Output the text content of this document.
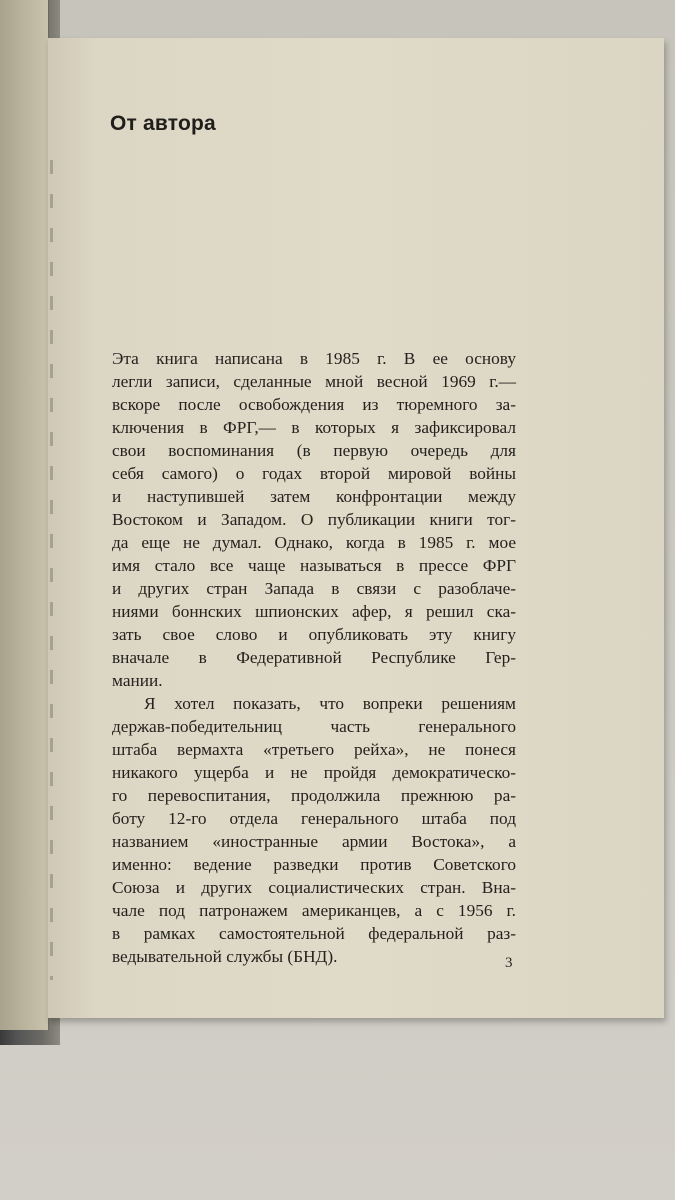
От автора
Эта книга написана в 1985 г. В ее основу
легли записи, сделанные мной весной 1969 г.—
вскоре после освобождения из тюремного за-
ключения в ФРГ,— в которых я зафиксировал
свои воспоминания (в первую очередь для
себя самого) о годах второй мировой войны
и наступившей затем конфронтации между
Востоком и Западом. О публикации книги тог-
да еще не думал. Однако, когда в 1985 г. мое
имя стало все чаще называться в прессе ФРГ
и других стран Запада в связи с разоблаче-
ниями боннских шпионских афер, я решил ска-
зать свое слово и опубликовать эту книгу
вначале в Федеративной Республике Гер-
мании.
Я хотел показать, что вопреки решениям
держав-победительниц часть генерального
штаба вермахта «третьего рейха», не понеся
никакого ущерба и не пройдя демократическо-
го перевоспитания, продолжила прежнюю ра-
боту 12-го отдела генерального штаба под
названием «иностранные армии Востока», а
именно: ведение разведки против Советского
Союза и других социалистических стран. Вна-
чале под патронажем американцев, а с 1956 г.
в рамках самостоятельной федеральной раз-
ведывательной службы (БНД).	3
